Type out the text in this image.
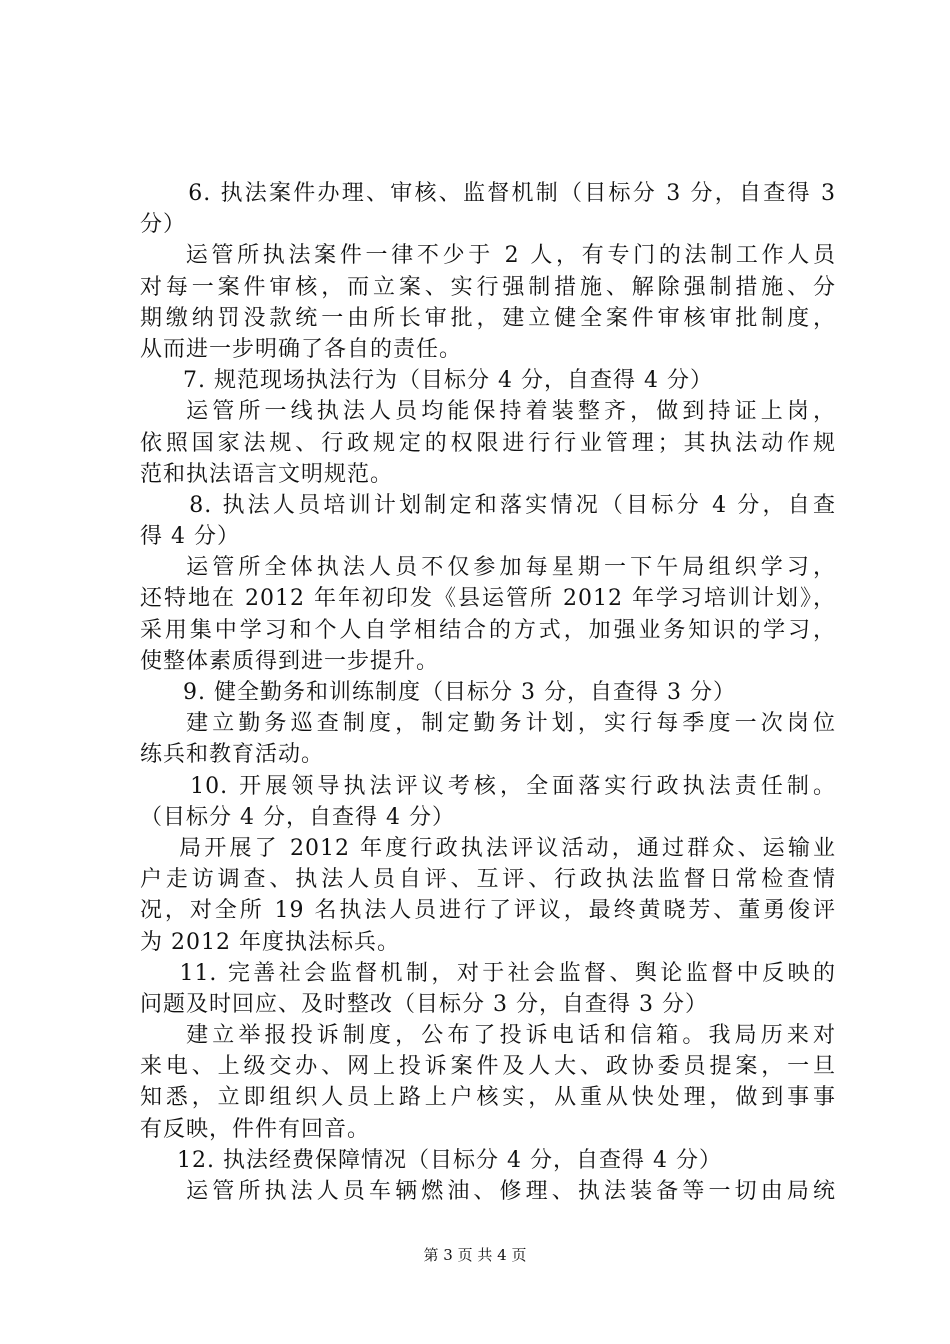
　6. 执法案件办理、审核、监督机制（目标分 3 分，自查得 3
分）
　运管所执法案件一律不少于 2 人，有专门的法制工作人员
对每一案件审核，而立案、实行强制措施、解除强制措施、分
期缴纳罚没款统一由所长审批，建立健全案件审核审批制度，
从而进一步明确了各自的责任。
　7. 规范现场执法行为（目标分 4 分，自查得 4 分）
　运管所一线执法人员均能保持着装整齐，做到持证上岗，
依照国家法规、行政规定的权限进行行业管理；其执法动作规
范和执法语言文明规范。
　8. 执法人员培训计划制定和落实情况（目标分 4 分，自查
得 4 分）
　运管所全体执法人员不仅参加每星期一下午局组织学习，
还特地在 2012 年年初印发《县运管所 2012 年学习培训计划》，
采用集中学习和个人自学相结合的方式，加强业务知识的学习，
使整体素质得到进一步提升。
　9. 健全勤务和训练制度（目标分 3 分，自查得 3 分）
　建立勤务巡查制度，制定勤务计划，实行每季度一次岗位
练兵和教育活动。
　10. 开展领导执法评议考核，全面落实行政执法责任制。
（目标分 4 分，自查得 4 分）
　局开展了 2012 年度行政执法评议活动，通过群众、运输业
户走访调查、执法人员自评、互评、行政执法监督日常检查情
况，对全所 19 名执法人员进行了评议，最终黄晓芳、董勇俊评
为 2012 年度执法标兵。
　11. 完善社会监督机制，对于社会监督、舆论监督中反映的
问题及时回应、及时整改（目标分 3 分，自查得 3 分）
　建立举报投诉制度，公布了投诉电话和信箱。我局历来对
来电、上级交办、网上投诉案件及人大、政协委员提案，一旦
知悉，立即组织人员上路上户核实，从重从快处理，做到事事
有反映，件件有回音。
　12. 执法经费保障情况（目标分 4 分，自查得 4 分）
　运管所执法人员车辆燃油、修理、执法装备等一切由局统
第 3 页 共 4 页
